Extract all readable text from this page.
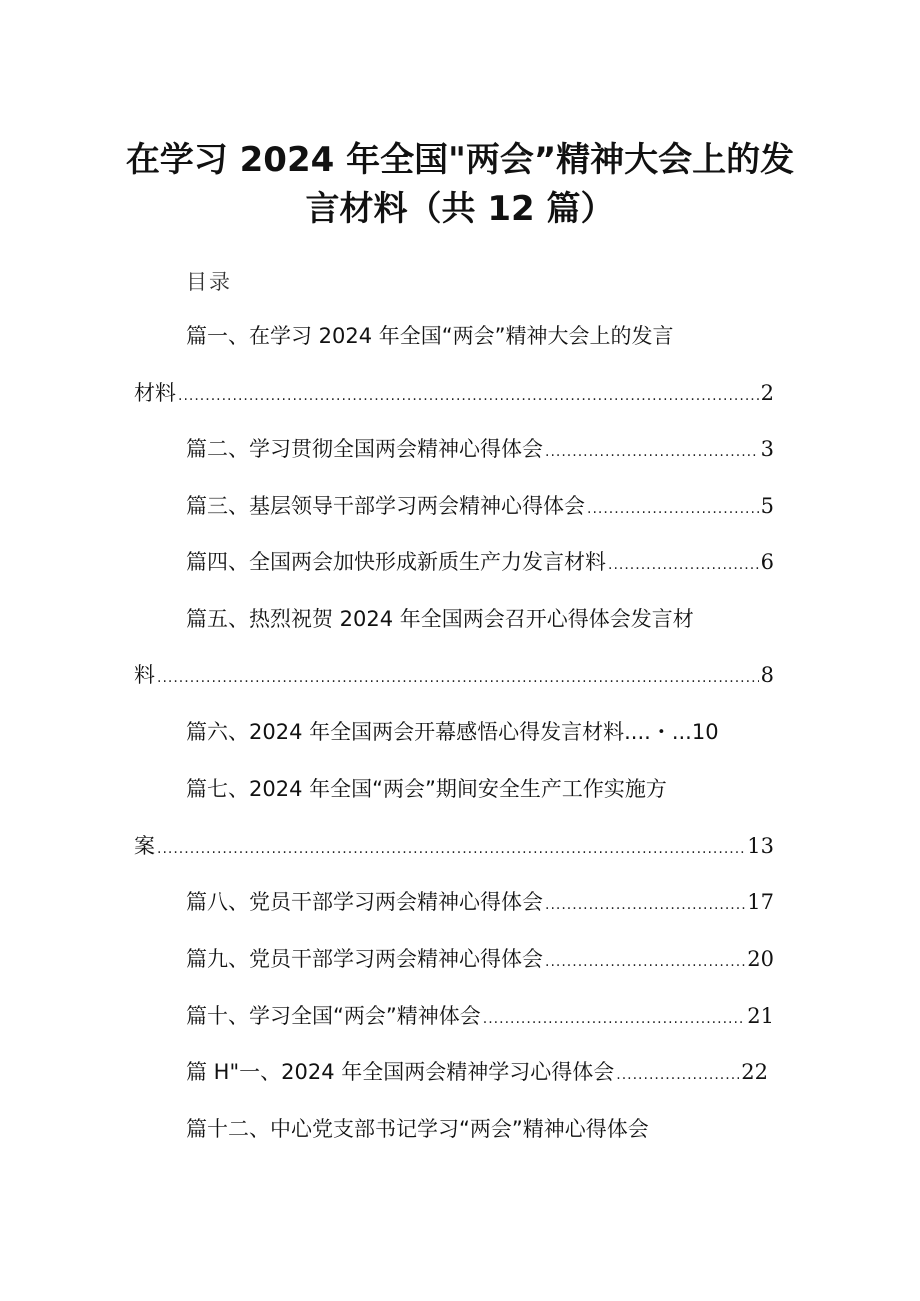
在学习 2024 年全国"两会”精神大会上的发
言材料（共 12 篇）
目录
篇一、在学习 2024 年全国“两会”精神大会上的发言
材料 .....	2
篇二、学习贯彻全国两会精神心得体会 .....	3
篇三、基层领导干部学习两会精神心得体会 .....	5
篇四、全国两会加快形成新质生产力发言材料 .....	6
篇五、热烈祝贺 2024 年全国两会召开心得体会发言材
料 .....	8
篇六、2024 年全国两会开幕感悟心得发言材料....・...10
篇七、2024 年全国“两会”期间安全生产工作实施方
案 .....	13
篇八、党员干部学习两会精神心得体会 .....	17
篇九、党员干部学习两会精神心得体会 .....	20
篇十、学习全国“两会”精神体会 .....	21
篇 H"一、2024 年全国两会精神学习心得体会 .....	22
篇十二、中心党支部书记学习“两会”精神心得体会
